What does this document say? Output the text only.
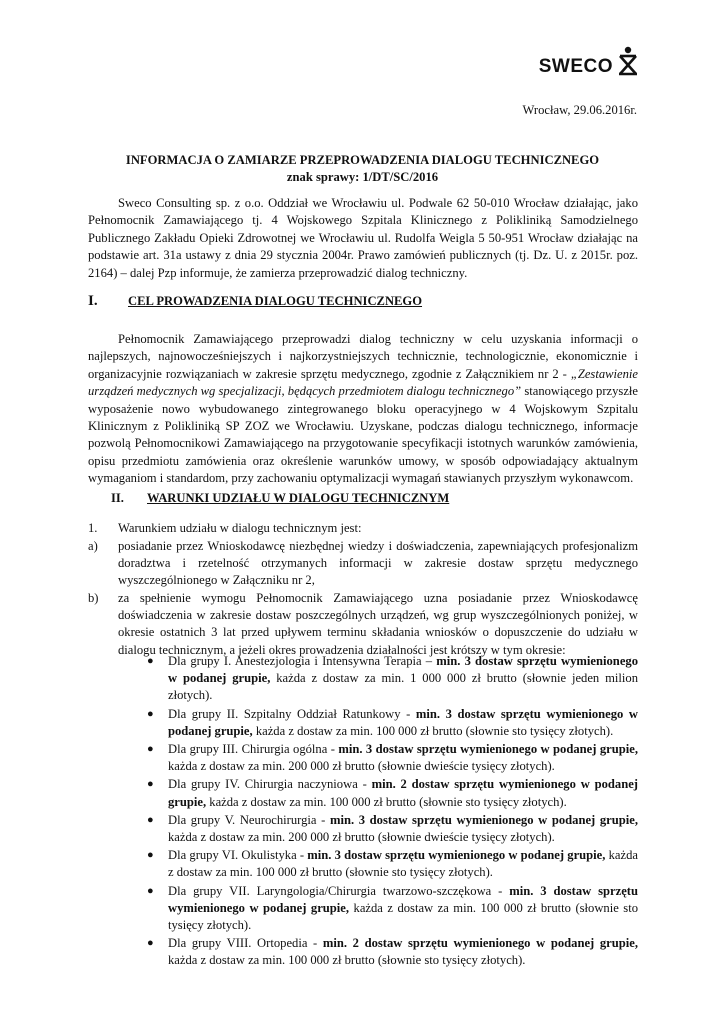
SWECO
Wrocław, 29.06.2016r.
INFORMACJA O ZAMIARZE PRZEPROWADZENIA DIALOGU TECHNICZNEGO
znak sprawy: 1/DT/SC/2016
Sweco Consulting sp. z o.o. Oddział we Wrocławiu ul. Podwale 62 50-010 Wrocław działając, jako Pełnomocnik Zamawiającego tj. 4 Wojskowego Szpitala Klinicznego z Polikliniką Samodzielnego Publicznego Zakładu Opieki Zdrowotnej we Wrocławiu ul. Rudolfa Weigla 5 50-951 Wrocław działając na podstawie art. 31a ustawy z dnia 29 stycznia 2004r. Prawo zamówień publicznych (tj. Dz. U. z 2015r. poz. 2164) – dalej Pzp informuje, że zamierza przeprowadzić dialog techniczny.
I. CEL PROWADZENIA DIALOGU TECHNICZNEGO
Pełnomocnik Zamawiającego przeprowadzi dialog techniczny w celu uzyskania informacji o najlepszych, najnowocześniejszych i najkorzystniejszych technicznie, technologicznie, ekonomicznie i organizacyjnie rozwiązaniach w zakresie sprzętu medycznego, zgodnie z Załącznikiem nr 2 - „Zestawienie urządzeń medycznych wg specjalizacji, będących przedmiotem dialogu technicznego” stanowiącego przyszłe wyposażenie nowo wybudowanego zintegrowanego bloku operacyjnego w 4 Wojskowym Szpitalu Klinicznym z Polikliniką SP ZOZ we Wrocławiu. Uzyskane, podczas dialogu technicznego, informacje pozwolą Pełnomocnikowi Zamawiającego na przygotowanie specyfikacji istotnych warunków zamówienia, opisu przedmiotu zamówienia oraz określenie warunków umowy, w sposób odpowiadający aktualnym wymaganiom i standardom, przy zachowaniu optymalizacji wymagań stawianych przyszłym wykonawcom.
II. WARUNKI UDZIAŁU W DIALOGU TECHNICZNYM
1. Warunkiem udziału w dialogu technicznym jest:
a) posiadanie przez Wnioskodawcę niezbędnej wiedzy i doświadczenia, zapewniających profesjonalizm doradztwa i rzetelność otrzymanych informacji w zakresie dostaw sprzętu medycznego wyszczególnionego w Załączniku nr 2,
b) za spełnienie wymogu Pełnomocnik Zamawiającego uzna posiadanie przez Wnioskodawcę doświadczenia w zakresie dostaw poszczególnych urządzeń, wg grup wyszczególnionych poniżej, w okresie ostatnich 3 lat przed upływem terminu składania wniosków o dopuszczenie do udziału w dialogu technicznym, a jeżeli okres prowadzenia działalności jest krótszy w tym okresie:
● Dla grupy I. Anestezjologia i Intensywna Terapia – min. 3 dostaw sprzętu wymienionego w podanej grupie, każda z dostaw za min. 1 000 000 zł brutto (słownie jeden milion złotych).
● Dla grupy II. Szpitalny Oddział Ratunkowy - min. 3 dostaw sprzętu wymienionego w podanej grupie, każda z dostaw za min. 100 000 zł brutto (słownie sto tysięcy złotych).
● Dla grupy III. Chirurgia ogólna - min. 3 dostaw sprzętu wymienionego w podanej grupie, każda z dostaw za min. 200 000 zł brutto (słownie dwieście tysięcy złotych).
● Dla grupy IV. Chirurgia naczyniowa - min. 2 dostaw sprzętu wymienionego w podanej grupie, każda z dostaw za min. 100 000 zł brutto (słownie sto tysięcy złotych).
● Dla grupy V. Neurochirurgia - min. 3 dostaw sprzętu wymienionego w podanej grupie, każda z dostaw za min. 200 000 zł brutto (słownie dwieście tysięcy złotych).
● Dla grupy VI. Okulistyka - min. 3 dostaw sprzętu wymienionego w podanej grupie, każda z dostaw za min. 100 000 zł brutto (słownie sto tysięcy złotych).
● Dla grupy VII. Laryngologia/Chirurgia twarzowo-szczękowa - min. 3 dostaw sprzętu wymienionego w podanej grupie, każda z dostaw za min. 100 000 zł brutto (słownie sto tysięcy złotych).
● Dla grupy VIII. Ortopedia - min. 2 dostaw sprzętu wymienionego w podanej grupie, każda z dostaw za min. 100 000 zł brutto (słownie sto tysięcy złotych).
